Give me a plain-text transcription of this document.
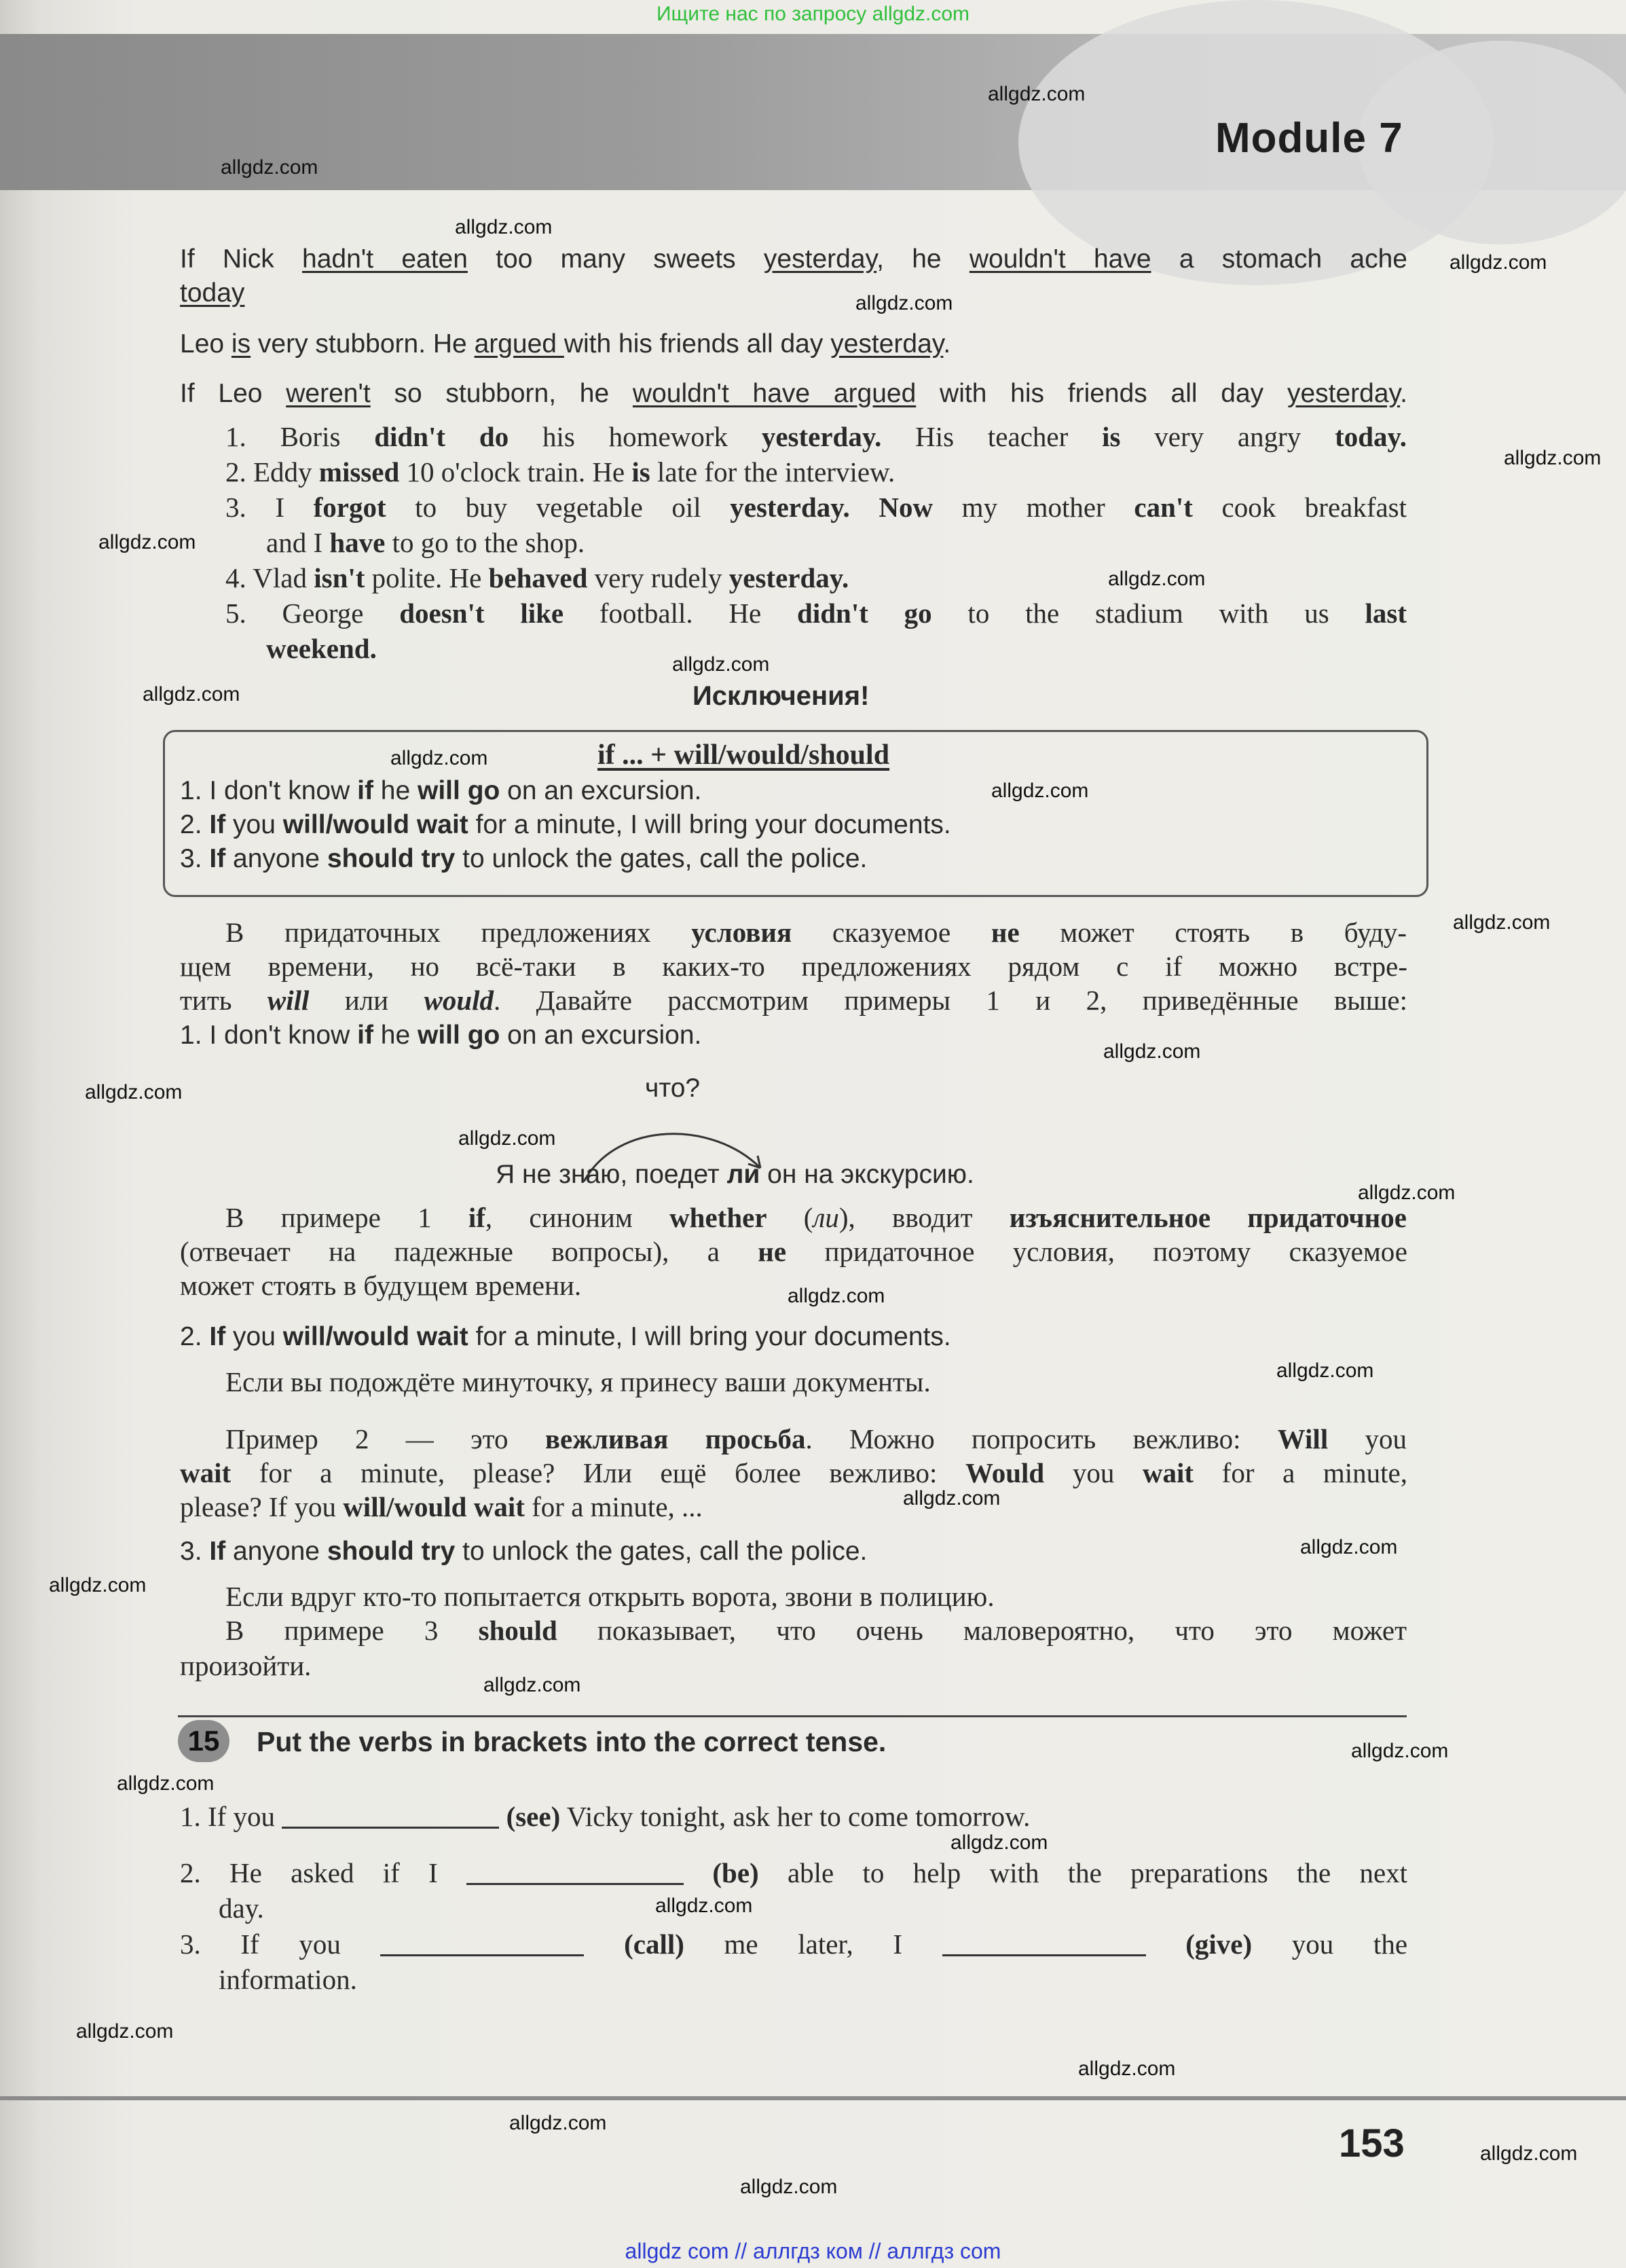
Ищите нас по запросу allgdz.com
Module 7
If Nick hadn't eaten too many sweets yesterday, he wouldn't have a stomach ache
today
Leo is very stubborn. He argued with his friends all day yesterday.
If Leo weren't so stubborn, he wouldn't have argued with his friends all day yesterday.
1. Boris didn't do his homework yesterday. His teacher is very angry today.
2. Eddy missed 10 o'clock train. He is late for the interview.
3. I forgot to buy vegetable oil yesterday. Now my mother can't cook breakfast
and I have to go to the shop.
4. Vlad isn't polite. He behaved very rudely yesterday.
5. George doesn't like football. He didn't go to the stadium with us last
weekend.
Исключения!
if ... + will/would/should
1. I don't know if he will go on an excursion.
2. If you will/would wait for a minute, I will bring your documents.
3. If anyone should try to unlock the gates, call the police.
В придаточных предложениях условия сказуемое не может стоять в буду-
щем времени, но всё-таки в каких-то предложениях рядом с if можно встре-
тить will или would. Давайте рассмотрим примеры 1 и 2, приведённые выше:
1. I don't know if he will go on an excursion.
что?
Я не знаю, поедет ли он на экскурсию.
В примере 1 if, синоним whether (ли), вводит изъяснительное придаточное
(отвечает на падежные вопросы), а не придаточное условия, поэтому сказуемое
может стоять в будущем времени.
2. If you will/would wait for a minute, I will bring your documents.
Если вы подождёте минуточку, я принесу ваши документы.
Пример 2 — это вежливая просьба. Можно попросить вежливо: Will you
wait for a minute, please? Или ещё более вежливо: Would you wait for a minute,
please? If you will/would wait for a minute, ...
3. If anyone should try to unlock the gates, call the police.
Если вдруг кто-то попытается открыть ворота, звони в полицию.
В примере 3 should показывает, что очень маловероятно, что это может
произойти.
15	Put the verbs in brackets into the correct tense.
1. If you	(see) Vicky tonight, ask her to come tomorrow.
2. He asked if I	(be) able to help with the preparations the next
day.
3. If you	(call) me later, I	(give) you the
information.
153
allgdz com // аллгдз ком // аллгдз com
allgdz.com
allgdz.com
allgdz.com
allgdz.com
allgdz.com
allgdz.com
allgdz.com
allgdz.com
allgdz.com
allgdz.com
allgdz.com
allgdz.com
allgdz.com
allgdz.com
allgdz.com
allgdz.com
allgdz.com
allgdz.com
allgdz.com
allgdz.com
allgdz.com
allgdz.com
allgdz.com
allgdz.com
allgdz.com
allgdz.com
allgdz.com
allgdz.com
allgdz.com
allgdz.com
allgdz.com
allgdz.com
